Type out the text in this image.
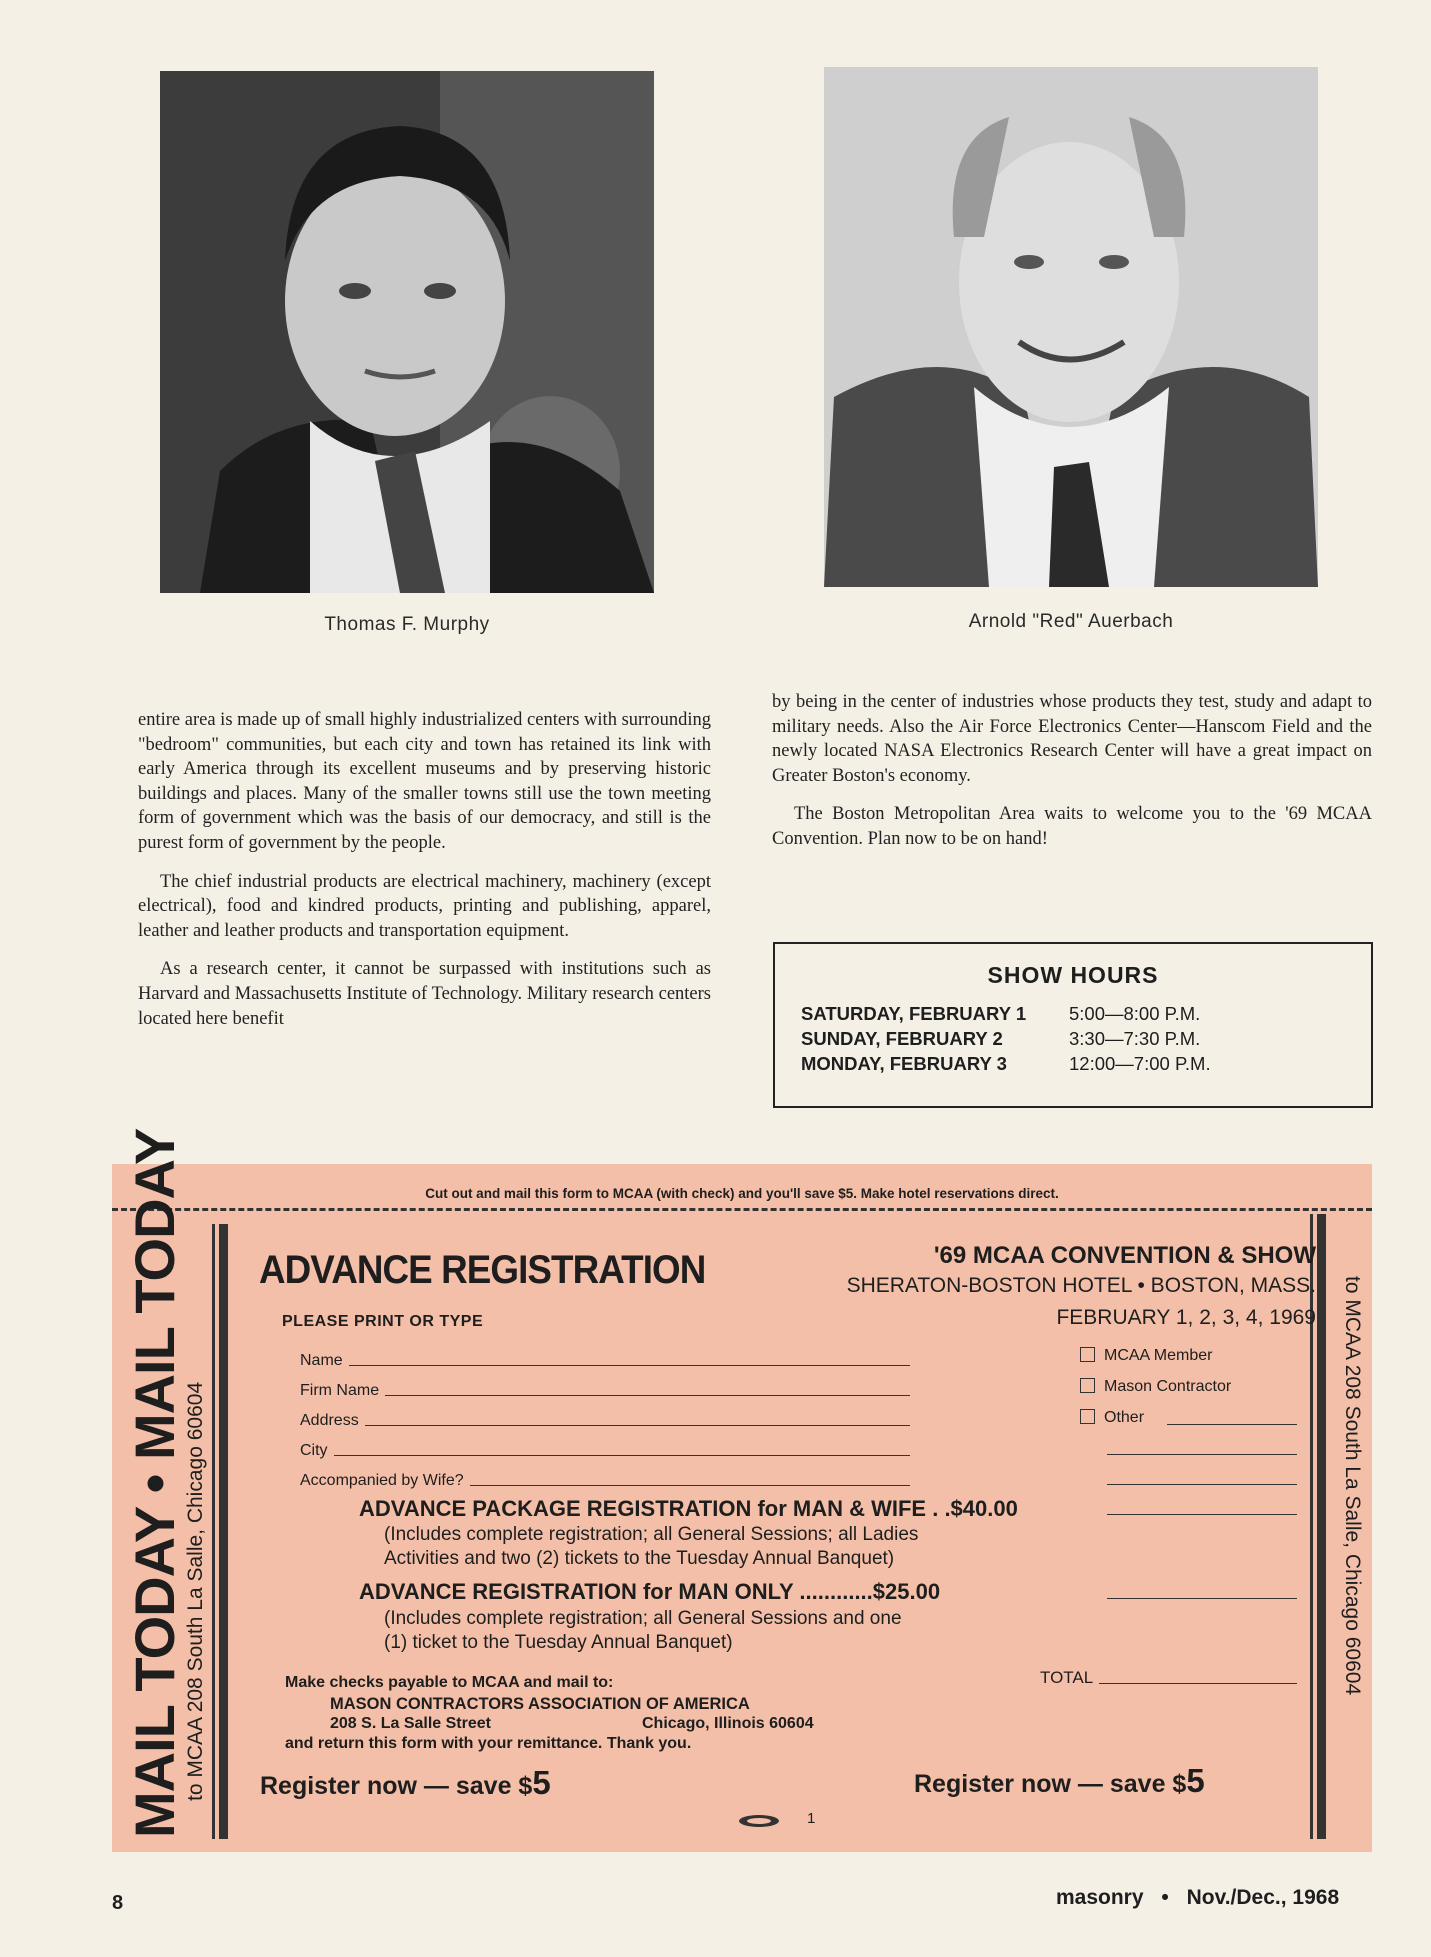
Thomas F. Murphy	Arnold "Red" Auerbach

entire area is made up of small highly industrialized centers with surrounding "bedroom" communities, but each city and town has retained its link with early America through its excellent museums and by preserving historic buildings and places. Many of the smaller towns still use the town meeting form of government which was the basis of our democracy, and still is the purest form of government by the people.

The chief industrial products are electrical machinery, machinery (except electrical), food and kindred products, printing and publishing, apparel, leather and leather products and transportation equipment.

As a research center, it cannot be surpassed with institutions such as Harvard and Massachusetts Institute of Technology. Military research centers located here benefit

by being in the center of industries whose products they test, study and adapt to military needs. Also the Air Force Electronics Center—Hanscom Field and the newly located NASA Electronics Research Center will have a great impact on Greater Boston's economy.

The Boston Metropolitan Area waits to welcome you to the '69 MCAA Convention. Plan now to be on hand!

SHOW HOURS
SATURDAY, FEBRUARY 1 5:00—8:00 P.M.
SUNDAY, FEBRUARY 2	3:30—7:30 P.M.
MONDAY, FEBRUARY 3	12:00—7:00 P.M.
Cut out and mail this form to MCAA (with check) and you'll save $5. Make hotel reservations direct.
MAIL TODAY • MAIL TODAY
to MCAA 208 South La Salle, Chicago 60604	to MCAA 208 South La Salle, Chicago 60604
ADVANCE REGISTRATION	'69 MCAA CONVENTION & SHOW
SHERATON-BOSTON HOTEL • BOSTON, MASS.
FEBRUARY 1, 2, 3, 4, 1969
PLEASE PRINT OR TYPE
Name
Firm Name
Address
City
Accompanied by Wife?
MCAA Member
Mason Contractor
Other
ADVANCE PACKAGE REGISTRATION for MAN & WIFE . .$40.00
(Includes complete registration; all General Sessions; all Ladies
Activities and two (2) tickets to the Tuesday Annual Banquet)
ADVANCE REGISTRATION for MAN ONLY ............$25.00
(Includes complete registration; all General Sessions and one
(1) ticket to the Tuesday Annual Banquet)
Make checks payable to MCAA and mail to:
MASON CONTRACTORS ASSOCIATION OF AMERICA
208 S. La Salle Street	Chicago, Illinois 60604
and return this form with your remittance. Thank you.
TOTAL
Register now — save $5	Register now — save $5
1
8	masonry • Nov./Dec., 1968
